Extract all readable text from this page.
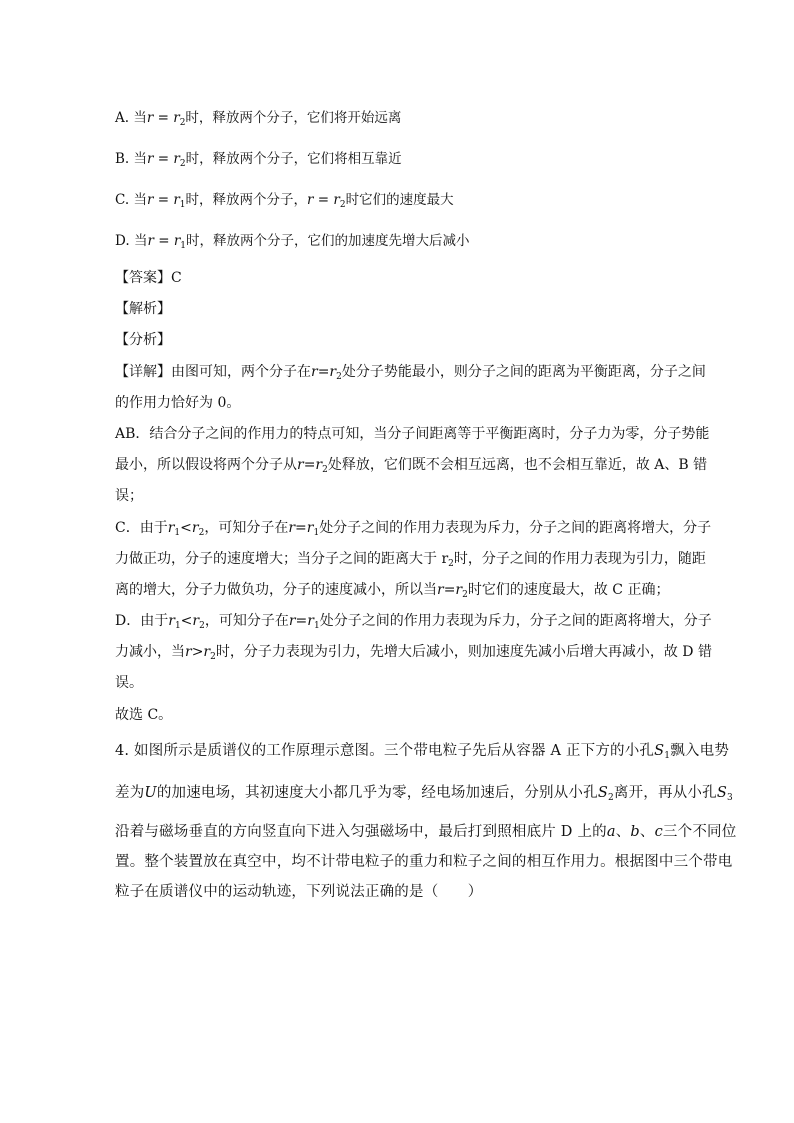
A. 当$r = r_2$时，释放两个分子，它们将开始远离
B. 当$r = r_2$时，释放两个分子，它们将相互靠近
C. 当$r = r_1$时，释放两个分子，$r = r_2$时它们的速度最大
D. 当$r = r_1$时，释放两个分子，它们的加速度先增大后减小
【答案】C
【解析】
【分析】
【详解】由图可知，两个分子在$r=r_2$处分子势能最小，则分子之间的距离为平衡距离，分子之间
的作用力恰好为 0。
AB．结合分子之间的作用力的特点可知，当分子间距离等于平衡距离时，分子力为零，分子势能
最小，所以假设将两个分子从$r=r_2$处释放，它们既不会相互远离，也不会相互靠近，故 A、B 错
误；
C．由于$r_1<r_2$，可知分子在$r=r_1$处分子之间的作用力表现为斥力，分子之间的距离将增大，分子
力做正功，分子的速度增大；当分子之间的距离大于 $r_2$时，分子之间的作用力表现为引力，随距
离的增大，分子力做负功，分子的速度减小，所以当$r=r_2$时它们的速度最大，故 C 正确；
D．由于$r_1<r_2$，可知分子在$r=r_1$处分子之间的作用力表现为斥力，分子之间的距离将增大，分子
力减小，当$r>r_2$时，分子力表现为引力，先增大后减小，则加速度先减小后增大再减小，故 D 错
误。
故选 C。
4. 如图所示是质谱仪的工作原理示意图。三个带电粒子先后从容器 A 正下方的小孔$S_1$飘入电势
差为U的加速电场，其初速度大小都几乎为零，经电场加速后，分别从小孔$S_2$离开，再从小孔$S_3$
沿着与磁场垂直的方向竖直向下进入匀强磁场中，最后打到照相底片 D 上的a、b、c三个不同位
置。整个装置放在真空中，均不计带电粒子的重力和粒子之间的相互作用力。根据图中三个带电
粒子在质谱仪中的运动轨迹，下列说法正确的是（　　）
